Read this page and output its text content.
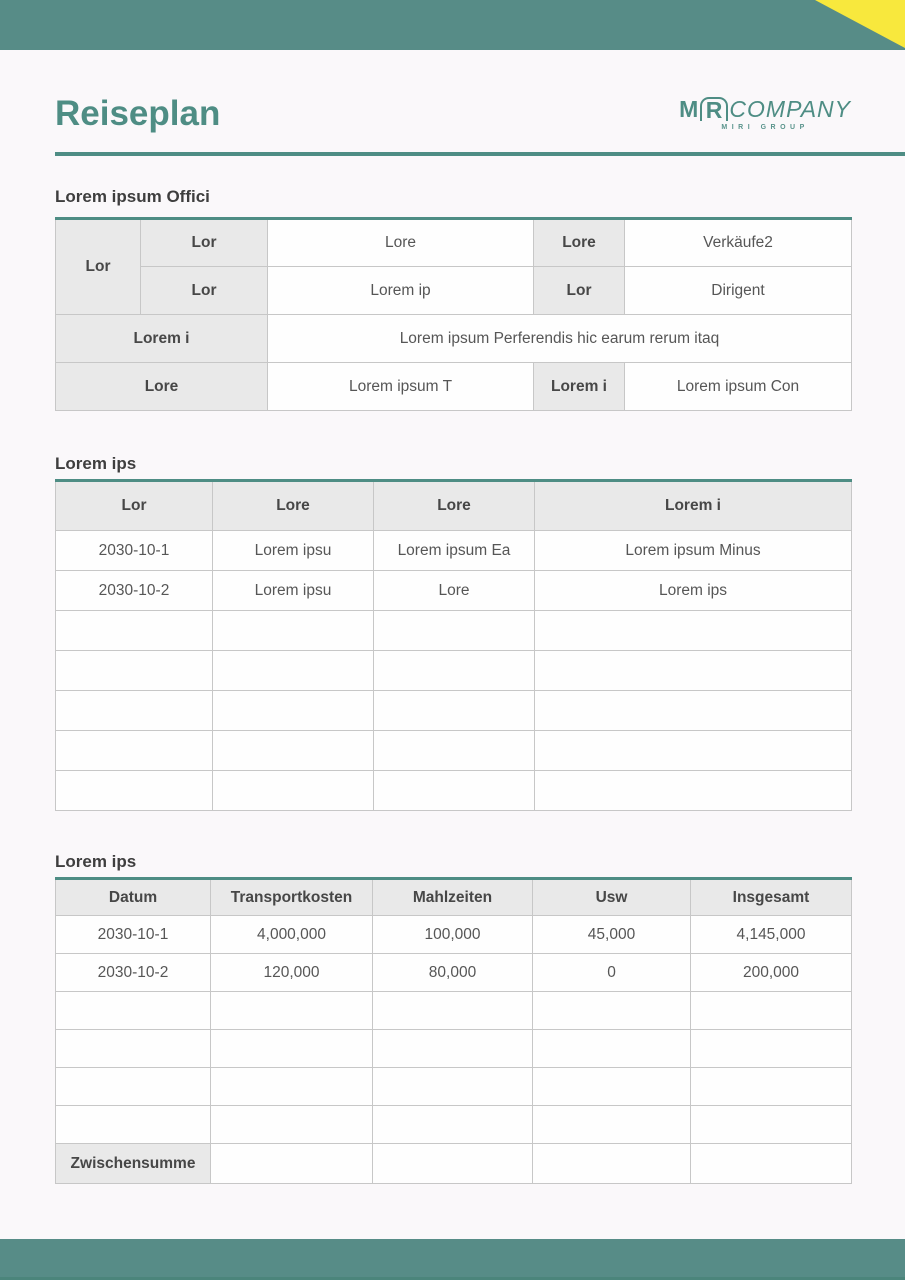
Reiseplan	M R COMPANY
MIRI GROUP
Lorem ipsum Offici
Lor	Lor	Lore	Lore	Verkäufe2
	Lor	Lorem ip	Lor	Dirigent
Lorem i		Lorem ipsum Perferendis hic earum rerum itaq		
Lore		Lorem ipsum T	Lorem i	Lorem ipsum Con
Lorem ips
Lor	Lore	Lore	Lorem i
2030-10-1	Lorem ipsu	Lorem ipsum Ea	Lorem ipsum Minus
2030-10-2	Lorem ipsu	Lore	Lorem ips

Lorem ips
Datum	Transportkosten	Mahlzeiten	Usw	Insgesamt
2030-10-1	4,000,000	100,000	45,000	4,145,000
2030-10-2	120,000	80,000	0	200,000

Zwischensumme				
